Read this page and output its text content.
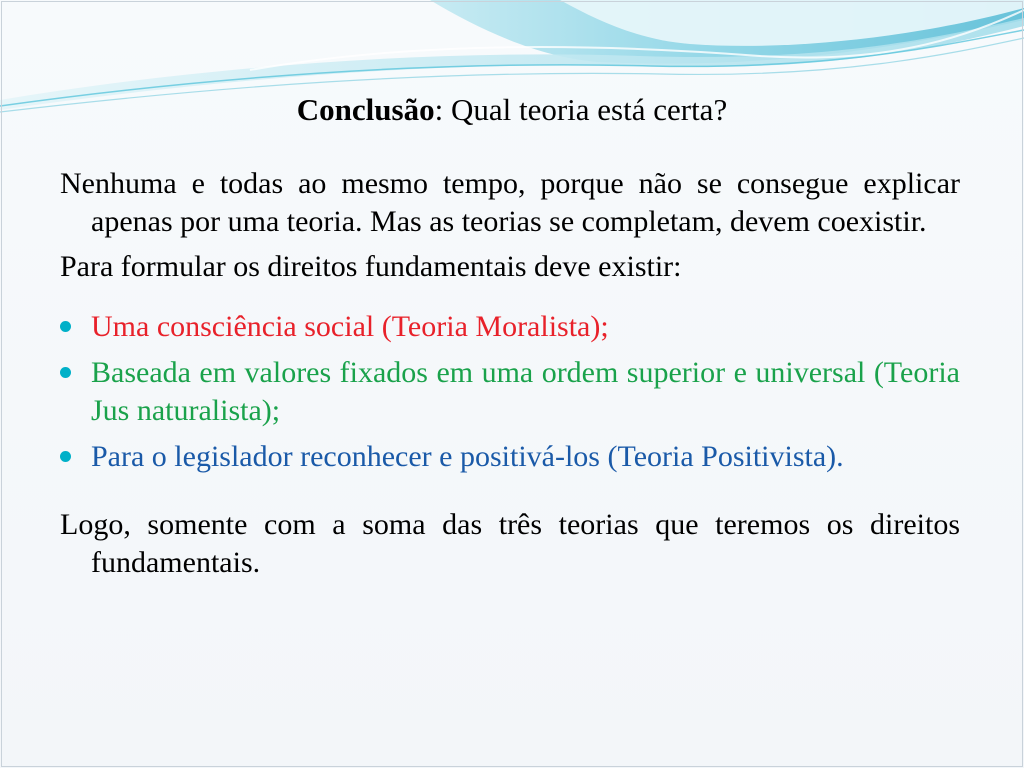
Conclusão: Qual teoria está certa?

Nenhuma e todas ao mesmo tempo, porque não se consegue explicar apenas por uma teoria. Mas as teorias se completam, devem coexistir.

Para formular os direitos fundamentais deve existir:

Uma consciência social (Teoria Moralista);
Baseada em valores fixados em uma ordem superior e universal (Teoria Jus naturalista);
Para o legislador reconhecer e positivá-los (Teoria Positivista).

Logo, somente com a soma das três teorias que teremos os direitos fundamentais.
